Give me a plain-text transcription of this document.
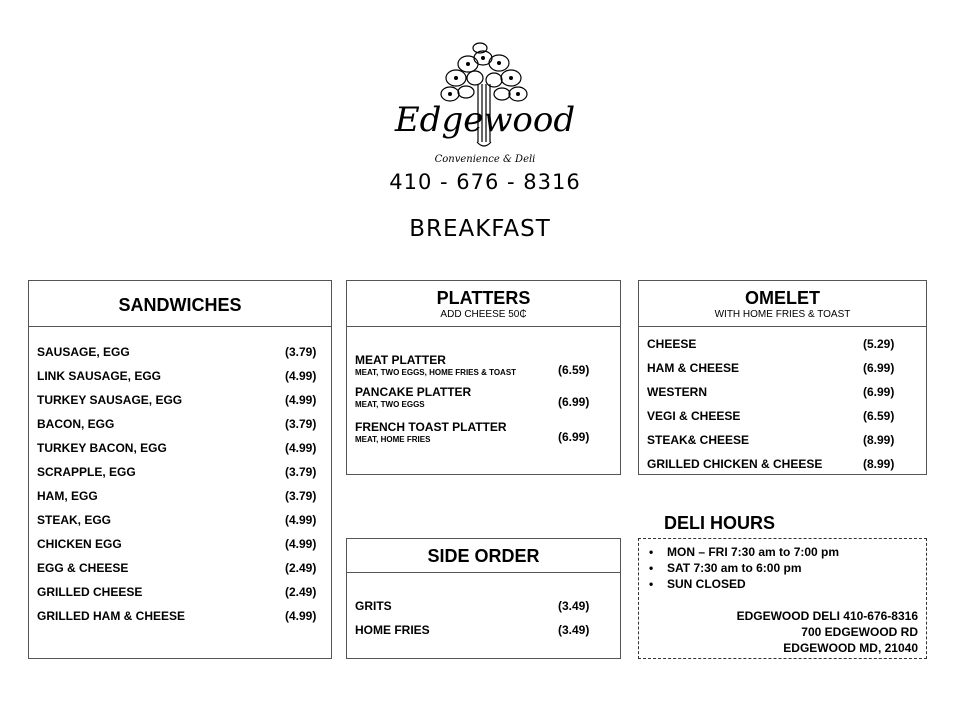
Edgewood
Convenience & Deli
410 - 676 - 8316
BREAKFAST
SANDWICHES
SAUSAGE, EGG	(3.79)
LINK SAUSAGE, EGG	(4.99)
TURKEY SAUSAGE, EGG	(4.99)
BACON, EGG	(3.79)
TURKEY BACON, EGG	(4.99)
SCRAPPLE, EGG	(3.79)
HAM, EGG	(3.79)
STEAK, EGG	(4.99)
CHICKEN EGG	(4.99)
EGG & CHEESE	(2.49)
GRILLED CHEESE	(2.49)
GRILLED HAM & CHEESE	(4.99)
PLATTERS
ADD CHEESE 50₵
MEAT PLATTER
MEAT, TWO EGGS, HOME FRIES & TOAST	(6.59)
PANCAKE PLATTER
MEAT, TWO EGGS	(6.99)
FRENCH TOAST PLATTER
MEAT, HOME FRIES	(6.99)
SIDE ORDER
GRITS	(3.49)
HOME FRIES	(3.49)
OMELET
WITH HOME FRIES & TOAST
CHEESE	(5.29)
HAM & CHEESE	(6.99)
WESTERN	(6.99)
VEGI & CHEESE	(6.59)
STEAK& CHEESE	(8.99)
GRILLED CHICKEN & CHEESE	(8.99)
DELI HOURS
• MON – FRI 7:30 am to 7:00 pm
• SAT 7:30 am to 6:00 pm
• SUN CLOSED
EDGEWOOD DELI 410-676-8316
700 EDGEWOOD RD
EDGEWOOD MD, 21040
